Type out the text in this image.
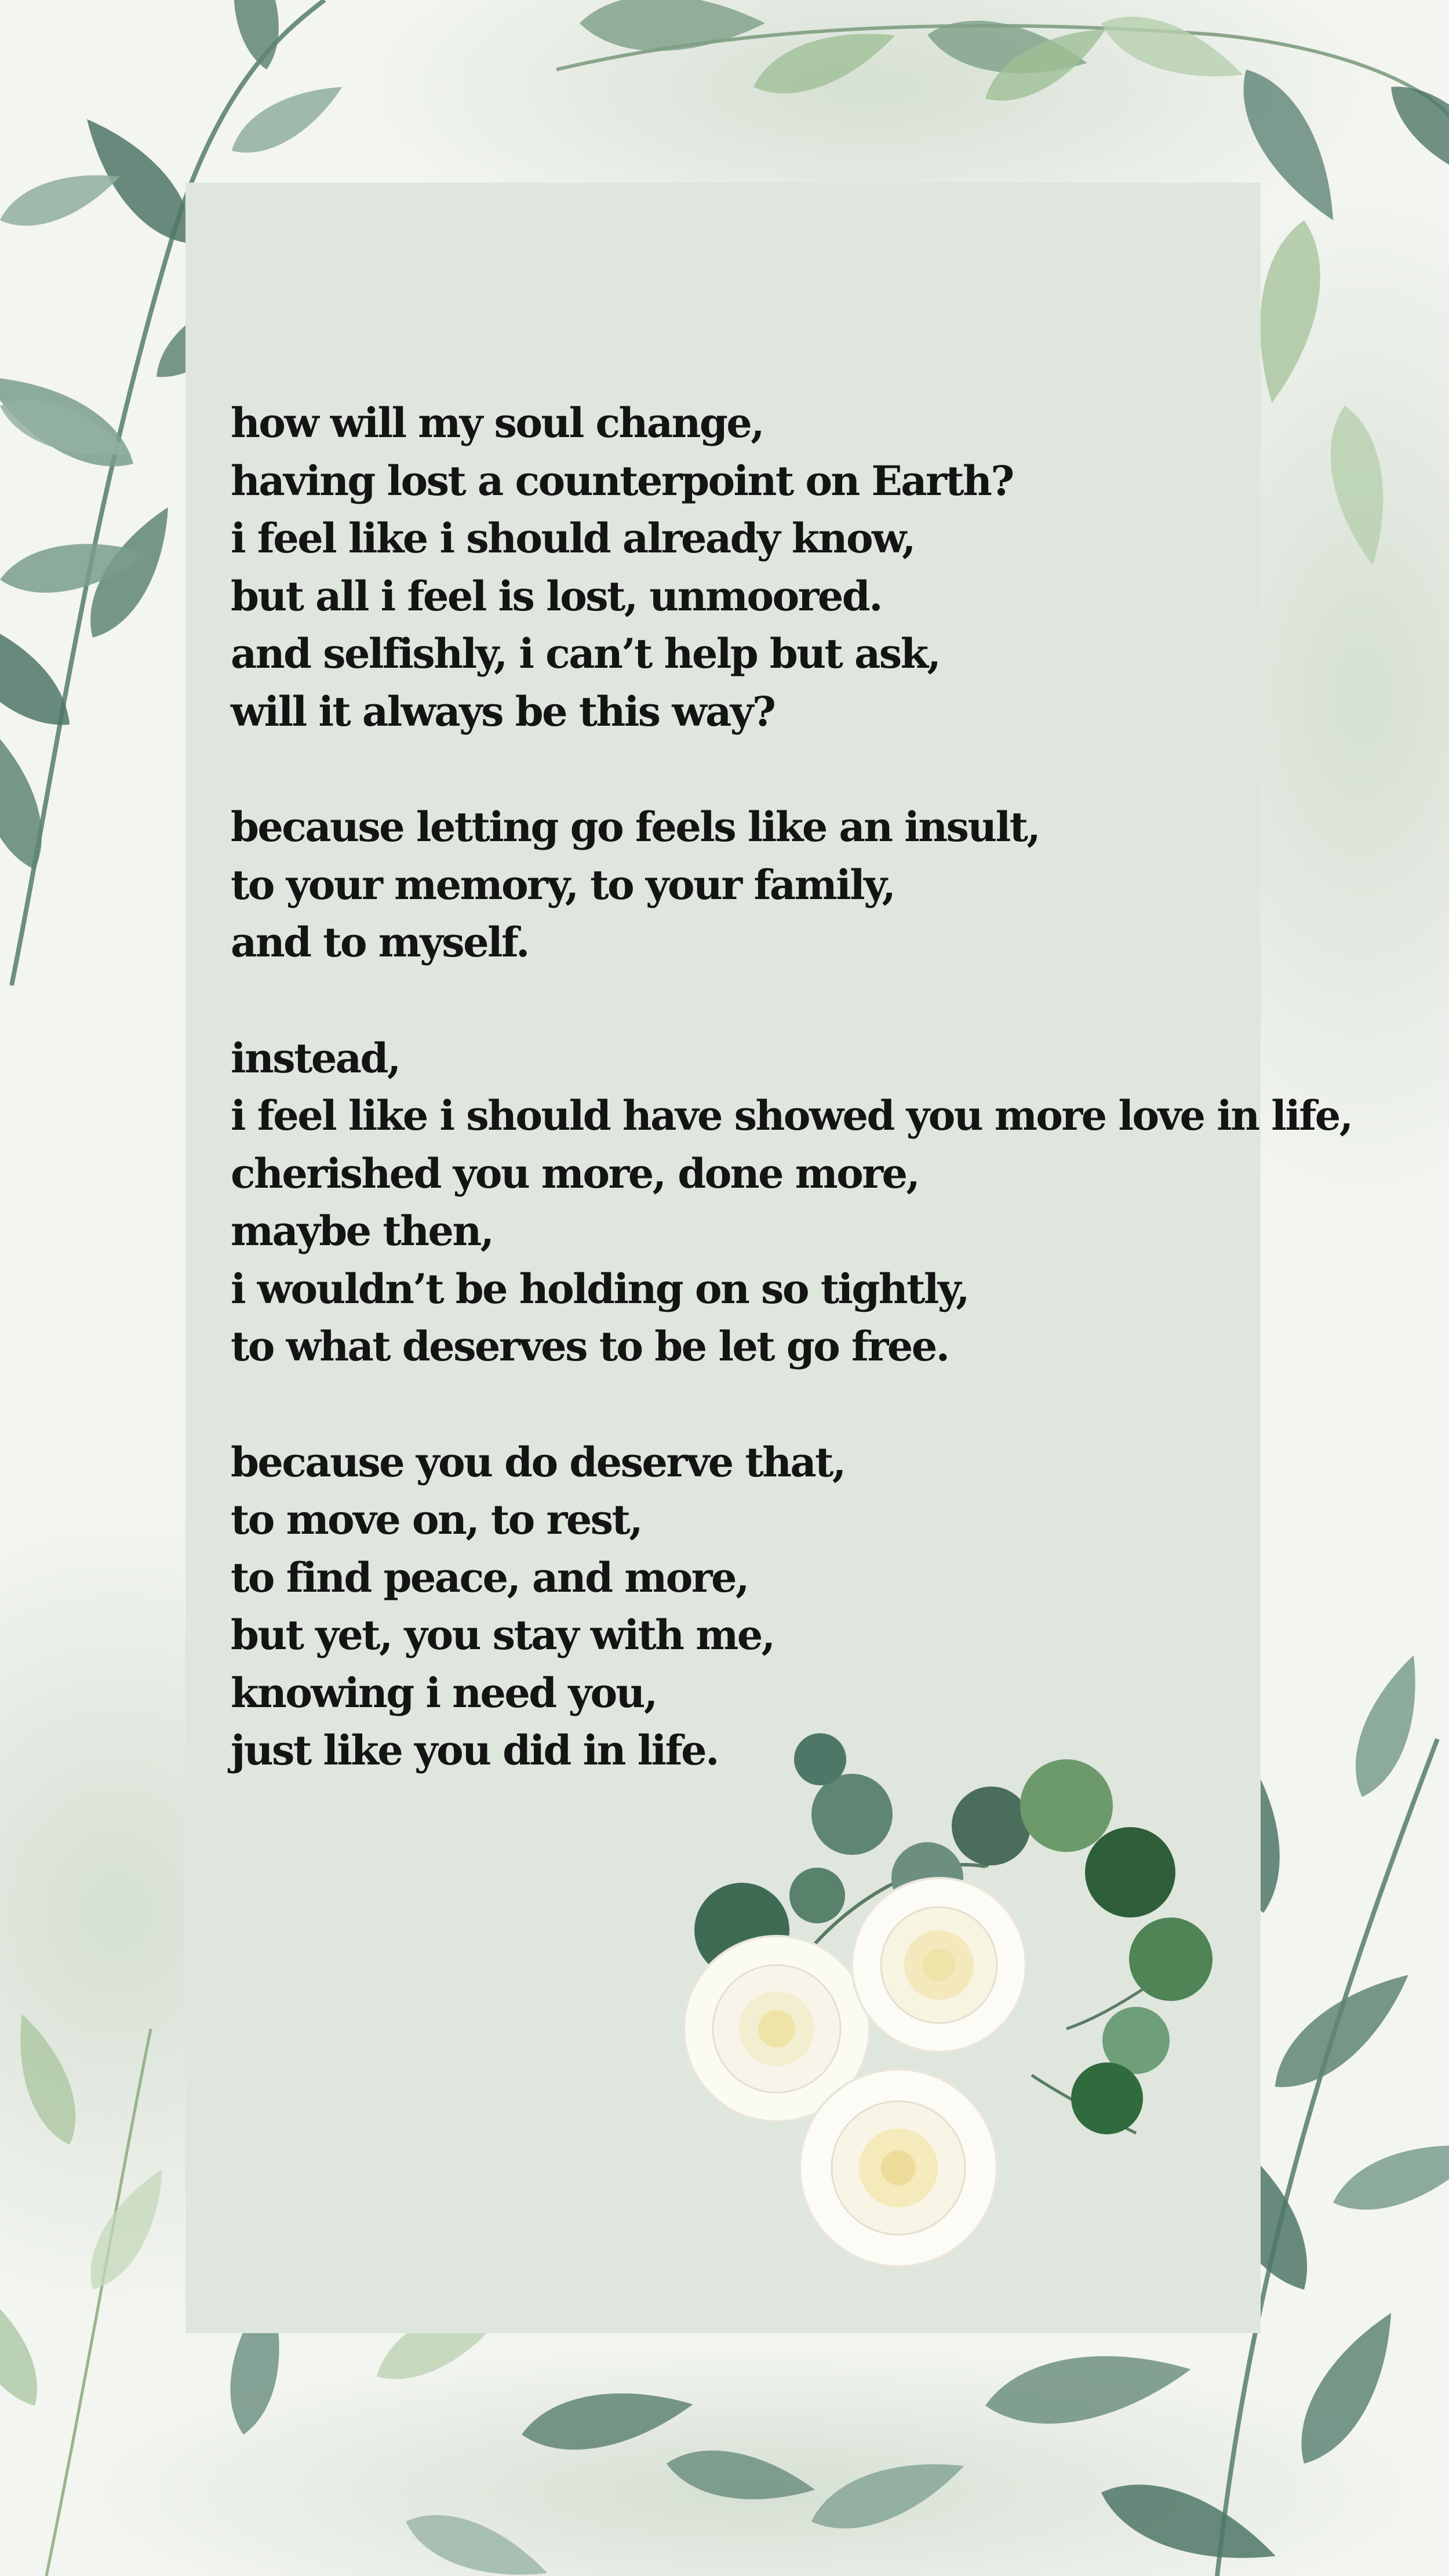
how will my soul change,
having lost a counterpoint on Earth?
i feel like i should already know,
but all i feel is lost, unmoored.
and selfishly, i can’t help but ask,
will it always be this way?
because letting go feels like an insult,
to your memory, to your family,
and to myself.
instead,
i feel like i should have showed you more love in life,
cherished you more, done more,
maybe then,
i wouldn’t be holding on so tightly,
to what deserves to be let go free.
because you do deserve that,
to move on, to rest,
to find peace, and more,
but yet, you stay with me,
knowing i need you,
just like you did in life.
